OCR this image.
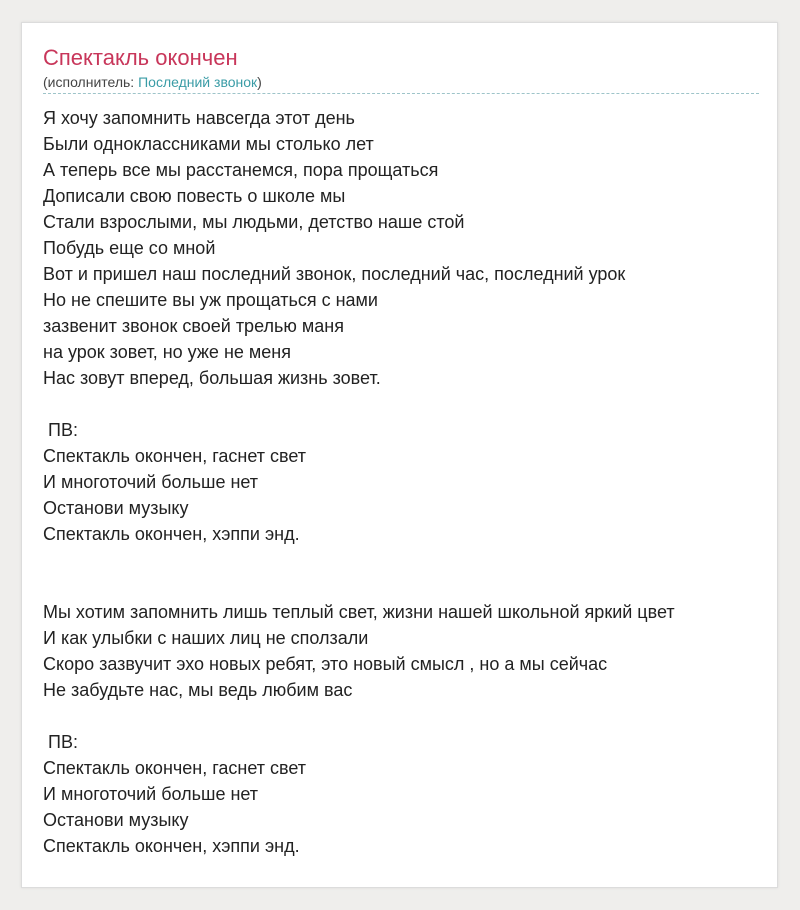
Спектакль окончен
(исполнитель: Последний звонок)
Я хочу запомнить навсегда этот день
Были одноклассниками мы столько лет
А теперь все мы расстанемся, пора прощаться
Дописали свою повесть о школе мы
Стали взрослыми, мы людьми, детство наше стой
Побудь еще со мной
Вот и пришел наш последний звонок, последний час, последний урок
Но не спешите вы уж прощаться с нами
зазвенит звонок своей трелью маня
на урок зовет, но уже не меня
Нас зовут вперед, большая жизнь зовет.
ПВ:
Спектакль окончен, гаснет свет
И многоточий больше нет
Останови музыку
Спектакль окончен, хэппи энд.
Мы хотим запомнить лишь теплый свет, жизни нашей школьной яркий цвет
И как улыбки с наших лиц не сползали
Скоро зазвучит эхо новых ребят, это новый смысл , но а мы сейчас
Не забудьте нас, мы ведь любим вас
ПВ:
Спектакль окончен, гаснет свет
И многоточий больше нет
Останови музыку
Спектакль окончен, хэппи энд.
